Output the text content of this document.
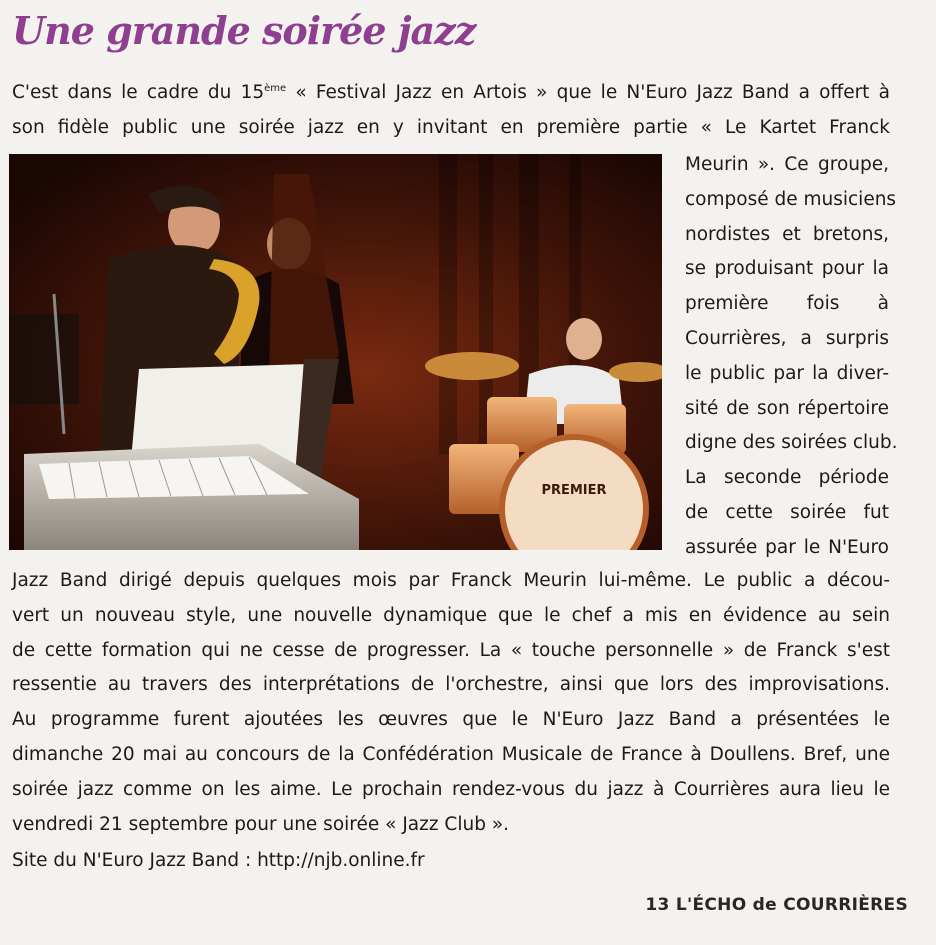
Une grande soirée jazz
C'est dans le cadre du 15ème « Festival Jazz en Artois » que le N'Euro Jazz Band a offert à
son fidèle public une soirée jazz en y invitant en première partie « Le Kartet Franck
PREMIER
Meurin ». Ce groupe,
composé de musiciens
nordistes et bretons,
se produisant pour la
première fois à
Courrières, a surpris
le public par la diver-
sité de son répertoire
digne des soirées club.
La seconde période
de cette soirée fut
assurée par le N'Euro
Jazz Band dirigé depuis quelques mois par Franck Meurin lui-même. Le public a décou-
vert un nouveau style, une nouvelle dynamique que le chef a mis en évidence au sein
de cette formation qui ne cesse de progresser. La « touche personnelle » de Franck s'est
ressentie au travers des interprétations de l'orchestre, ainsi que lors des improvisations.
Au programme furent ajoutées les œuvres que le N'Euro Jazz Band a présentées le
dimanche 20 mai au concours de la Confédération Musicale de France à Doullens. Bref, une
soirée jazz comme on les aime. Le prochain rendez-vous du jazz à Courrières aura lieu le
vendredi 21 septembre pour une soirée « Jazz Club ».
Site du N'Euro Jazz Band : http://njb.online.fr
13 L'ÉCHO de COURRIÈRES
